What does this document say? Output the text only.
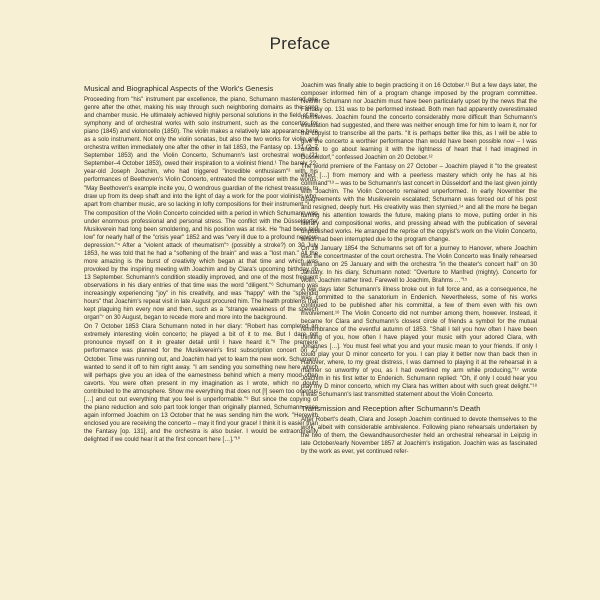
Preface
Musical and Biographical Aspects of the Work's Genesis

Proceeding from "his" instrument par excellence, the piano, Schumann mastered one genre after the other, making his way through such neighboring domains as the song and chamber music. He ultimately achieved highly personal solutions in the field of the symphony and of orchestral works with solo instrument, such as the concertos for piano (1845) and violoncello (1850). The violin makes a relatively late appearance here as a solo instrument. Not only the violin sonatas, but also the two works for violin and orchestra written immediately one after the other in fall 1853, the Fantasy op. 131 (2–7 September 1853) and the Violin Concerto, Schumann's last orchestral work (21 September–4 October 1853), owed their inspiration to a violinist friend.¹ The barely 22-year-old Joseph Joachim, who had triggered "incredible enthusiasm"² with his performances of Beethoven's Violin Concerto, entreated the composer with the words: "May Beethoven's example incite you, O wondrous guardian of the richest treasures, to draw up from its deep shaft and into the light of day a work for the poor violinists who, apart from chamber music, are so lacking in lofty compositions for their instrument."³

The composition of the Violin Concerto coincided with a period in which Schumann was under enormous professional and personal stress. The conflict with the Düsseldorfer Musikverein had long been smoldering, and his position was at risk. He "had been laid low" for nearly half of the "crisis year" 1852 and was "very ill due to a profound nervous depression."⁴ After a "violent attack of rheumatism"⁵ (possibly a stroke?) on 30 July 1853, he was told that he had a "softening of the brain" and was a "lost man." All the more amazing is the burst of creativity which began at that time and which was provoked by the inspiring meeting with Joachim and by Clara's upcoming birthday on 13 September. Schumann's condition steadily improved, and one of the most frequent observations in his diary entries of that time was the word "diligent."⁶ Schumann was increasingly experiencing "joy" in his creativity, and was "happy" with the "splendid hours" that Joachim's repeat visit in late August procured him. The health problems that kept plaguing him every now and then, such as a "strange weakness of the speech organ"⁷ on 30 August, began to recede more and more into the background.

On 7 October 1853 Clara Schumann noted in her diary: "Robert has completed an extremely interesting violin concerto; he played a bit of it to me. But I dare not pronounce myself on it in greater detail until I have heard it."⁸ The premiere performance was planned for the Musikverein's first subscription concert on 27 October. Time was running out, and Joachim had yet to learn the new work. Schumann wanted to send it off to him right away. "I am sending you something new here which will perhaps give you an idea of the earnestness behind which a merry mood often cavorts. You were often present in my imagination as I wrote, which no doubt contributed to the atmosphere. Show me everything that does not [!] seem too onerous […] and cut out everything that you feel is unperformable."⁹ But since the copying of the piano reduction and solo part took longer than originally planned, Schumann once again informed Joachim on 13 October that he was sending him the work. "Herewith enclosed you are receiving the concerto – may it find your grace! I think it is easier than the Fantasy [op. 131], and the orchestra is also busier. I would be extraordinarily delighted if we could hear it at the first concert here […]."¹⁰

Joachim was finally able to begin practicing it on 16 October.¹¹ But a few days later, the composer informed him of a program change imposed by the program committee. Neither Schumann nor Joachim must have been particularly upset by the news that the Fantasy op. 131 was to be performed instead. Both men had apparently overestimated themselves. Joachim found the concerto considerably more difficult than Schumann's evaluation had suggested, and there was neither enough time for him to learn it, nor for the copyist to transcribe all the parts. "It is perhaps better like this, as I will be able to give the concerto a worthier performance than would have been possible now – I was unable to go about learning it with the lightness of heart that I had imagined in Düsseldorf," confessed Joachim on 20 October.¹²

The world premiere of the Fantasy on 27 October – Joachim played it "to the greatest effect […] from memory and with a peerless mastery which only he has at his command"¹³ – was to be Schumann's last concert in Düsseldorf and the last given jointly with Joachim. The Violin Concerto remained unperformed. In early November the disagreements with the Musikverein escalated; Schumann was forced out of his post and resigned, deeply hurt. His creativity was then stymied,¹⁴ and all the more he began turning his attention towards the future, making plans to move, putting order in his literary and compositional works, and pressing ahead with the publication of several unpublished works. He arranged the reprise of the copyist's work on the Violin Concerto, which had been interrupted due to the program change.

On 19 January 1854 the Schumanns set off for a journey to Hanover, where Joachim was the concertmaster of the court orchestra. The Violin Concerto was finally rehearsed with piano on 25 January and with the orchestra "in the theater's concert hall" on 30 January. In his diary, Schumann noted: "Overture to Manfred (mighty). Concerto for violin, Joachim rather tired. Farewell to Joachim, Brahms …"¹⁵

A few days later Schumann's illness broke out in full force and, as a consequence, he was committed to the sanatorium in Endenich. Nevertheless, some of his works continued to be published after his committal, a few of them even with his own involvement.¹⁶ The Violin Concerto did not number among them, however. Instead, it became for Clara and Schumann's closest circle of friends a symbol for the mutual remembrance of the eventful autumn of 1853. "Shall I tell you how often I have been thinking of you, how often I have played your music with your adored Clara, with Johannes […]. You must feel what you and your music mean to your friends. If only I could play your D minor concerto for you. I can play it better now than back then in Hanover, where, to my great distress, I was damned to playing it at the rehearsal in a manner so unworthy of you, as I had overtired my arm while producing,"¹⁷ wrote Joachim in his first letter to Endenich. Schumann replied: "Oh, if only I could hear you play my D minor concerto, which my Clara has written about with such great delight."¹⁸ It was Schumann's last transmitted statement about the Violin Concerto.

Transmission and Reception after Schumann's Death

After Robert's death, Clara and Joseph Joachim continued to devote themselves to the work, albeit with considerable ambivalence. Following piano rehearsals undertaken by the two of them, the Gewandhausorchester held an orchestral rehearsal in Leipzig in late October/early November 1857 at Joachim's instigation. Joachim was as fascinated by the work as ever, yet continued refer-
